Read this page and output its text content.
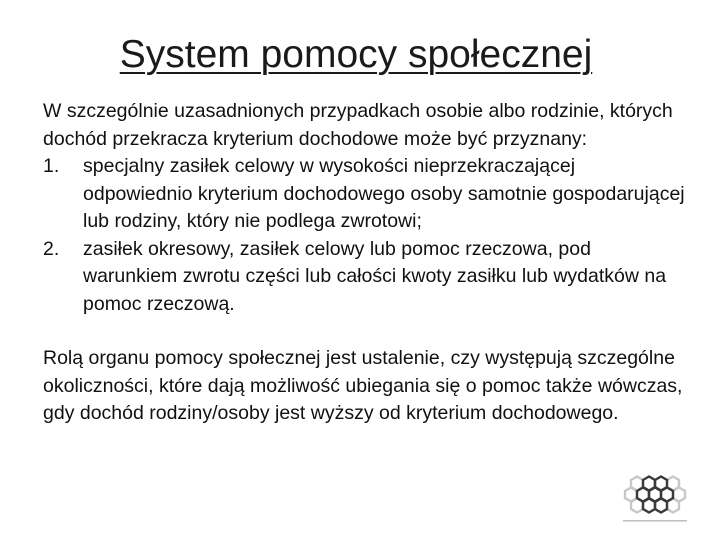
System pomocy społecznej

W szczególnie uzasadnionych przypadkach osobie albo rodzinie, których dochód przekracza kryterium dochodowe może być przyznany:

1. specjalny zasiłek celowy w wysokości nieprzekraczającej odpowiednio kryterium dochodowego osoby samotnie gospodarującej lub rodziny, który nie podlega zwrotowi;
2. zasiłek okresowy, zasiłek celowy lub pomoc rzeczowa, pod warunkiem zwrotu części lub całości kwoty zasiłku lub wydatków na pomoc rzeczową.

Rolą organu pomocy społecznej jest ustalenie, czy występują szczególne okoliczności, które dają możliwość ubiegania się o pomoc także wówczas, gdy dochód rodziny/osoby jest wyższy od kryterium dochodowego.
